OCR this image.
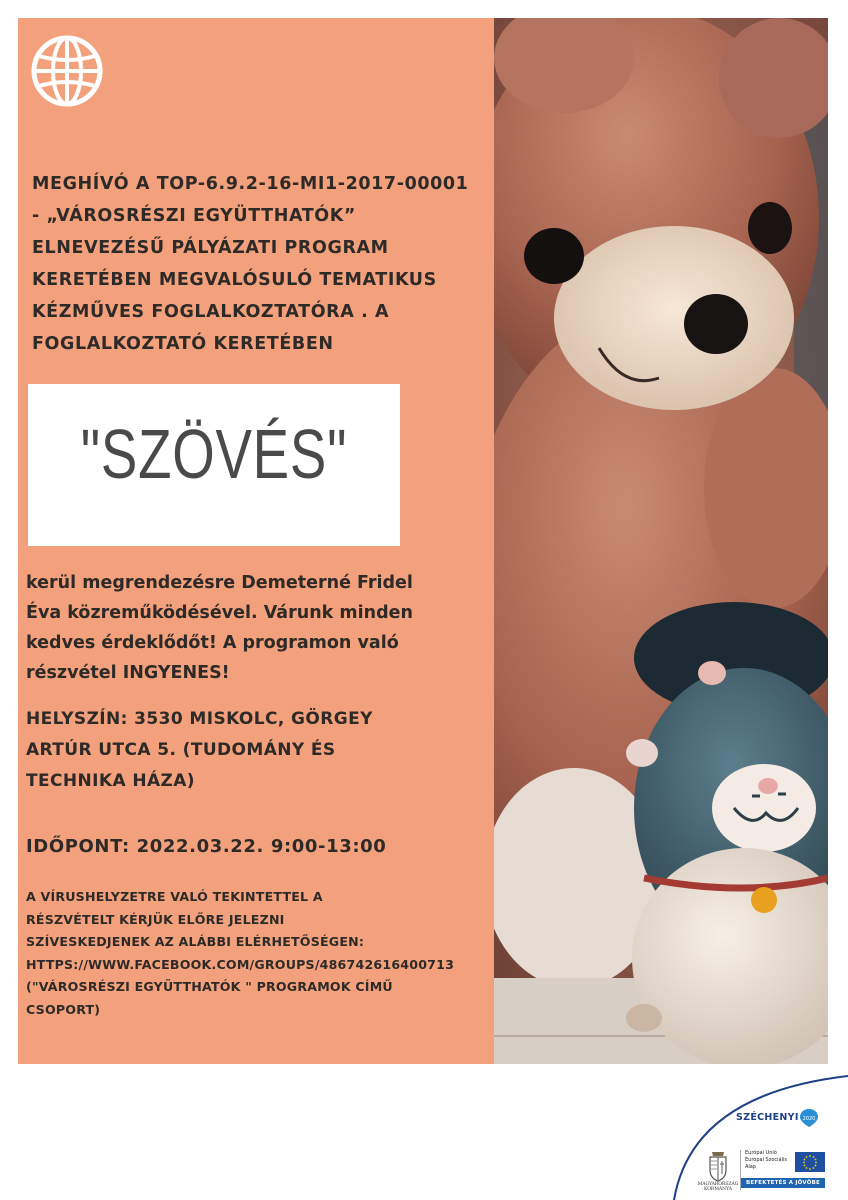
MEGHÍVÓ A TOP-6.9.2-16-MI1-2017-00001
- „VÁROSRÉSZI EGYÜTTHATÓK”
ELNEVEZÉSŰ PÁLYÁZATI PROGRAM
KERETÉBEN MEGVALÓSULÓ TEMATIKUS
KÉZMŰVES FOGLALKOZTATÓRA . A
FOGLALKOZTATÓ KERETÉBEN
"SZÖVÉS"
kerül megrendezésre Demeterné Fridel
Éva közreműködésével. Várunk minden
kedves érdeklődőt! A programon való
részvétel INGYENES!
HELYSZÍN: 3530 MISKOLC, GÖRGEY
ARTÚR UTCA 5. (TUDOMÁNY ÉS
TECHNIKA HÁZA)
IDŐPONT: 2022.03.22. 9:00-13:00
A VÍRUSHELYZETRE VALÓ TEKINTETTEL A
RÉSZVÉTELT KÉRJÜK ELŐRE JELEZNI
SZÍVESKEDJENEK AZ ALÁBBI ELÉRHETŐSÉGEN:
HTTPS://WWW.FACEBOOK.COM/GROUPS/486742616400713
("VÁROSRÉSZI EGYÜTTHATÓK " PROGRAMOK CÍMŰ
CSOPORT)
SZÉCHENYI 2020
MAGYARORSZÁG
KORMÁNYA
Európai Unió
Európai Szociális
Alap
BEFEKTETÉS A JÖVŐBE
